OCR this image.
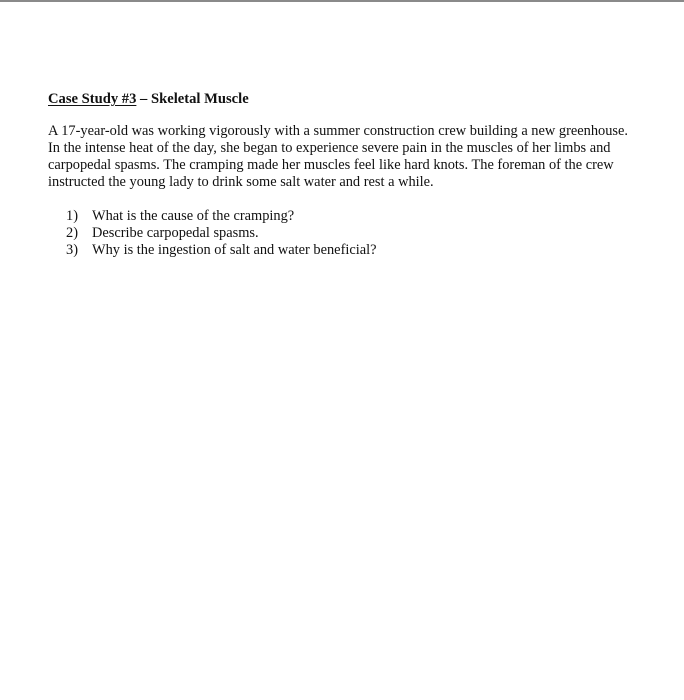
Case Study #3 – Skeletal Muscle

A 17-year-old was working vigorously with a summer construction crew building a new greenhouse. In the intense heat of the day, she began to experience severe pain in the muscles of her limbs and carpopedal spasms. The cramping made her muscles feel like hard knots. The foreman of the crew instructed the young lady to drink some salt water and rest a while.

1) What is the cause of the cramping?
2) Describe carpopedal spasms.
3) Why is the ingestion of salt and water beneficial?
